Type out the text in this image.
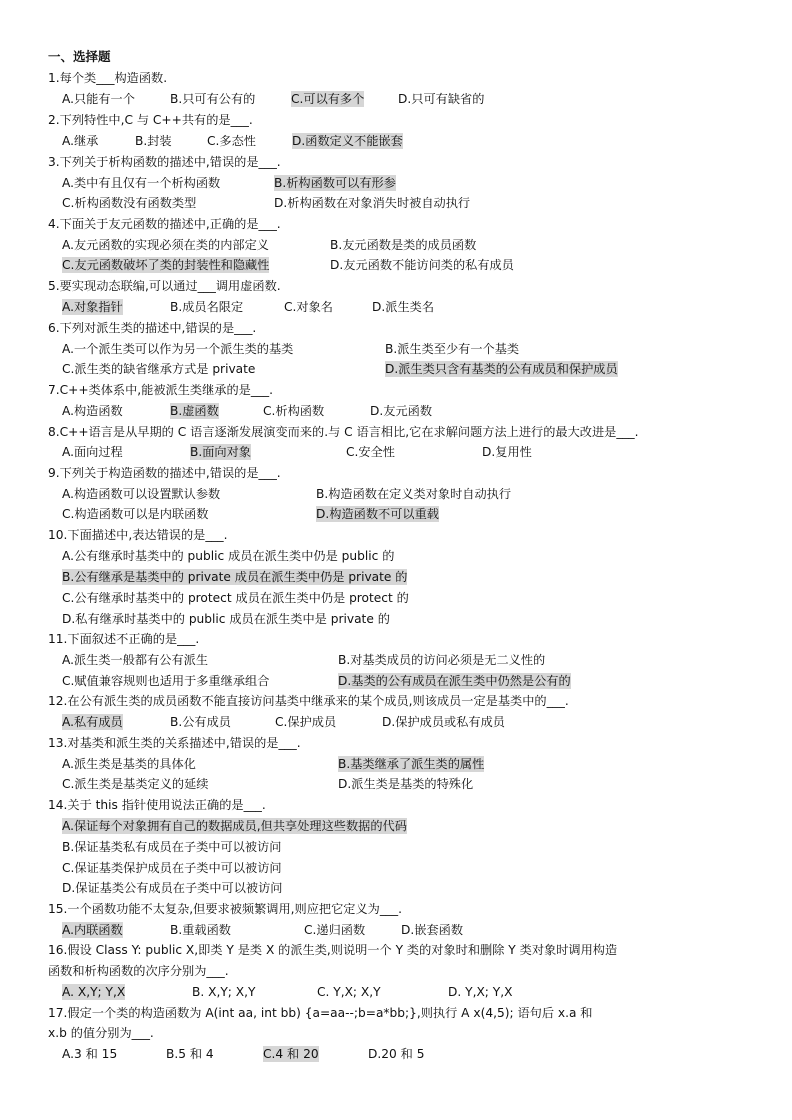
一、选择题
1.每个类___构造函数.
A.只能有一个	B.只可有公有的	C.可以有多个	D.只可有缺省的
2.下列特性中,C 与 C++共有的是___.
A.继承	B.封装	C.多态性	D.函数定义不能嵌套
3.下列关于析构函数的描述中,错误的是___.
A.类中有且仅有一个析构函数	B.析构函数可以有形参
C.析构函数没有函数类型	D.析构函数在对象消失时被自动执行
4.下面关于友元函数的描述中,正确的是___.
A.友元函数的实现必须在类的内部定义	B.友元函数是类的成员函数
C.友元函数破坏了类的封装性和隐藏性	D.友元函数不能访问类的私有成员
5.要实现动态联编,可以通过___调用虚函数.
A.对象指针	B.成员名限定	C.对象名	D.派生类名
6.下列对派生类的描述中,错误的是___.
A.一个派生类可以作为另一个派生类的基类	B.派生类至少有一个基类
C.派生类的缺省继承方式是 private	D.派生类只含有基类的公有成员和保护成员
7.C++类体系中,能被派生类继承的是___.
A.构造函数	B.虚函数	C.析构函数	D.友元函数
8.C++语言是从早期的 C 语言逐渐发展演变而来的.与 C 语言相比,它在求解问题方法上进行的最大改进是___.
A.面向过程	B.面向对象	C.安全性	D.复用性
9.下列关于构造函数的描述中,错误的是___.
A.构造函数可以设置默认参数	B.构造函数在定义类对象时自动执行
C.构造函数可以是内联函数	D.构造函数不可以重载
10.下面描述中,表达错误的是___.
A.公有继承时基类中的 public 成员在派生类中仍是 public 的
B.公有继承是基类中的 private 成员在派生类中仍是 private 的
C.公有继承时基类中的 protect 成员在派生类中仍是 protect 的
D.私有继承时基类中的 public 成员在派生类中是 private 的
11.下面叙述不正确的是___.
A.派生类一般都有公有派生	B.对基类成员的访问必须是无二义性的
C.赋值兼容规则也适用于多重继承组合	D.基类的公有成员在派生类中仍然是公有的
12.在公有派生类的成员函数不能直接访问基类中继承来的某个成员,则该成员一定是基类中的___.
A.私有成员	B.公有成员	C.保护成员	D.保护成员或私有成员
13.对基类和派生类的关系描述中,错误的是___.
A.派生类是基类的具体化	B.基类继承了派生类的属性
C.派生类是基类定义的延续	D.派生类是基类的特殊化
14.关于 this 指针使用说法正确的是___.
A.保证每个对象拥有自己的数据成员,但共享处理这些数据的代码
B.保证基类私有成员在子类中可以被访问
C.保证基类保护成员在子类中可以被访问
D.保证基类公有成员在子类中可以被访问
15.一个函数功能不太复杂,但要求被频繁调用,则应把它定义为___.
A.内联函数	B.重载函数	C.递归函数	D.嵌套函数
16.假设 Class Y: public X,即类 Y 是类 X 的派生类,则说明一个 Y 类的对象时和删除 Y 类对象时调用构造
函数和析构函数的次序分别为___.
A. X,Y; Y,X	B. X,Y; X,Y	C. Y,X; X,Y	D. Y,X; Y,X
17.假定一个类的构造函数为 A(int aa, int bb) {a=aa--;b=a*bb;},则执行 A x(4,5); 语句后 x.a 和
x.b 的值分别为___.
A.3 和 15	B.5 和 4	C.4 和 20	D.20 和 5
